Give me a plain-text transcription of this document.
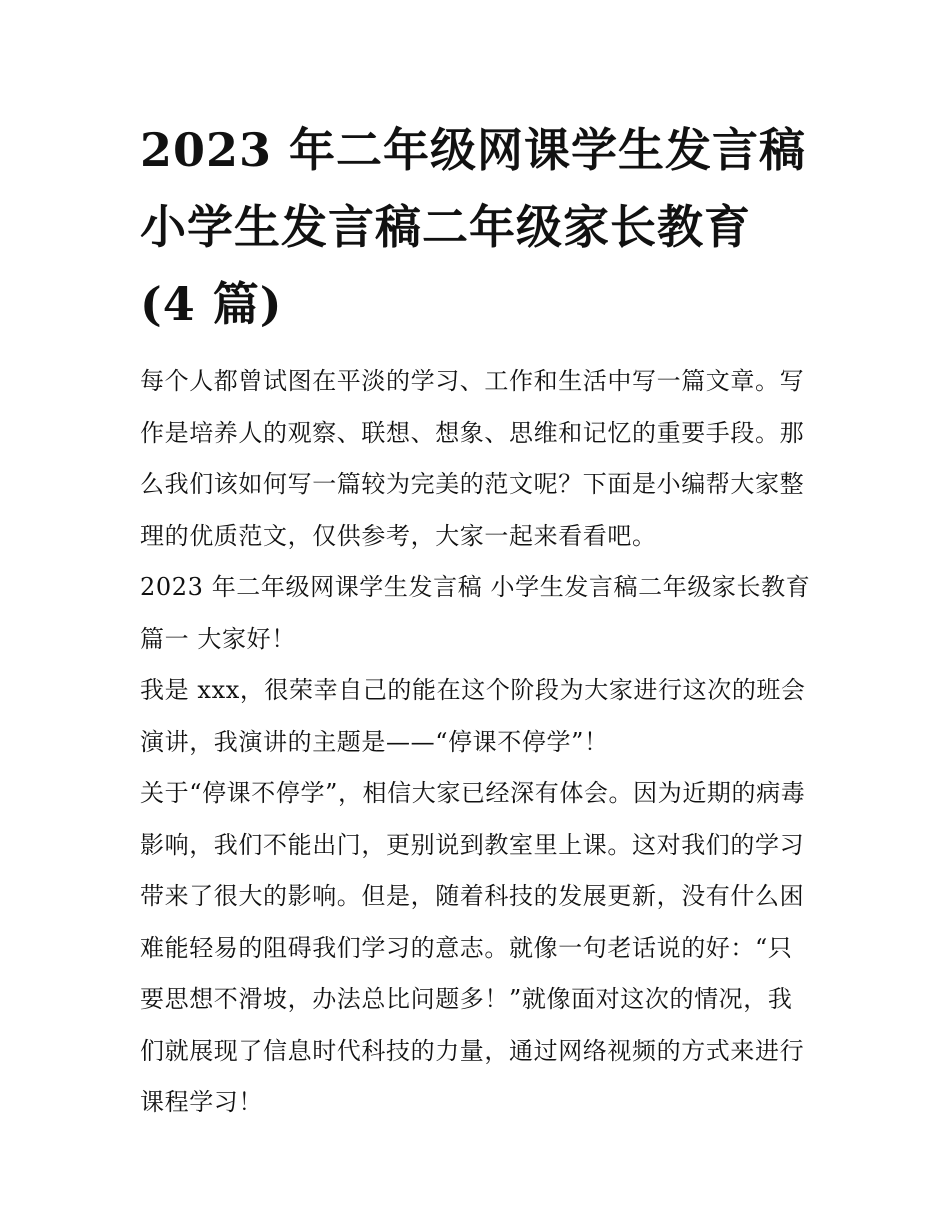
2023 年二年级网课学生发言稿
小学生发言稿二年级家长教育
(4 篇)
每个人都曾试图在平淡的学习、工作和生活中写一篇文章。写
作是培养人的观察、联想、想象、思维和记忆的重要手段。那
么我们该如何写一篇较为完美的范文呢？下面是小编帮大家整
理的优质范文，仅供参考，大家一起来看看吧。
2023 年二年级网课学生发言稿 小学生发言稿二年级家长教育
篇一 大家好！
我是 xxx，很荣幸自己的能在这个阶段为大家进行这次的班会
演讲，我演讲的主题是——“停课不停学”！
关于“停课不停学”，相信大家已经深有体会。因为近期的病毒
影响，我们不能出门，更别说到教室里上课。这对我们的学习
带来了很大的影响。但是，随着科技的发展更新，没有什么困
难能轻易的阻碍我们学习的意志。就像一句老话说的好：“只
要思想不滑坡，办法总比问题多！”就像面对这次的情况，我
们就展现了信息时代科技的力量，通过网络视频的方式来进行
课程学习！
